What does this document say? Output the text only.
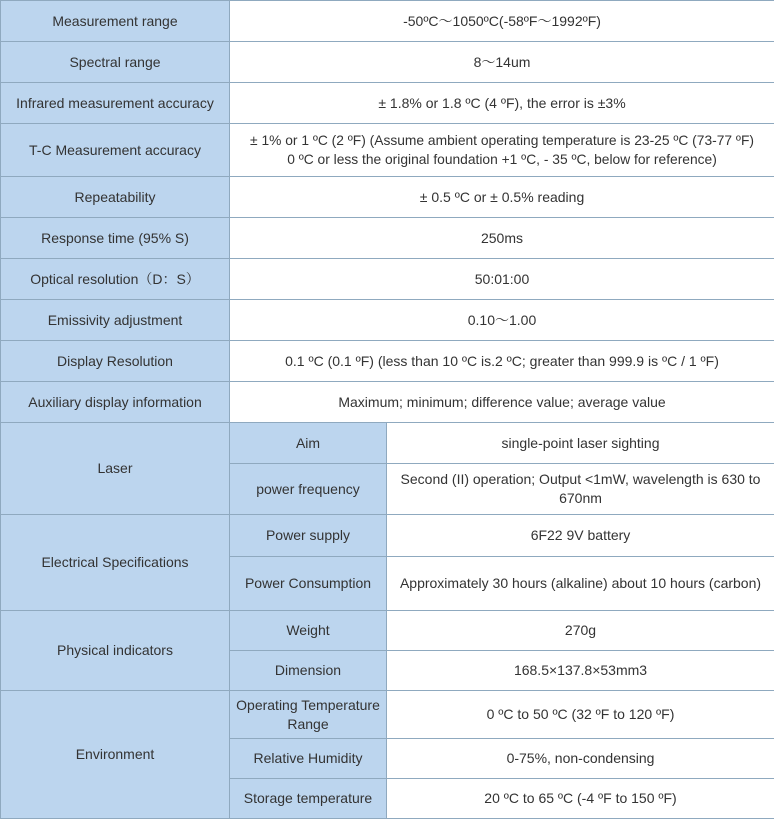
Measurement range	-50ºC～1050ºC(-58ºF～1992ºF)	
Spectral range	8～14um	
Infrared measurement accuracy	± 1.8% or 1.8 ºC (4 ºF), the error is ±3%	
T-C Measurement accuracy	± 1% or 1 ºC (2 ºF) (Assume ambient operating temperature is 23-25 ºC (73-77 ºF)
0 ºC or less the original foundation +1 ºC, - 35 ºC, below for reference)	

Repeatability	± 0.5 ºC or ± 0.5% reading	
Response time (95% S)	250ms	
Optical resolution（D：S）	50:01:00	
Emissivity adjustment	0.10～1.00	
Display Resolution	0.1 ºC (0.1 ºF) (less than 10 ºC is.2 ºC; greater than 999.9 is ºC / 1 ºF)	
Auxiliary display information	Maximum; minimum; difference value; average value	
Laser	Aim	single-point laser sighting
	power frequency	Second (II) operation; Output <1mW, wavelength is 630 to 670nm
Electrical Specifications	Power supply	6F22 9V battery
	Power Consumption	Approximately 30 hours (alkaline) about 10 hours (carbon)
Physical indicators	Weight	270g
	Dimension	168.5×137.8×53mm3
Environment	Operating Temperature Range	0 ºC to 50 ºC (32 ºF to 120 ºF)
	Relative Humidity	0-75%, non-condensing
	Storage temperature	20 ºC to 65 ºC (-4 ºF to 150 ºF)
